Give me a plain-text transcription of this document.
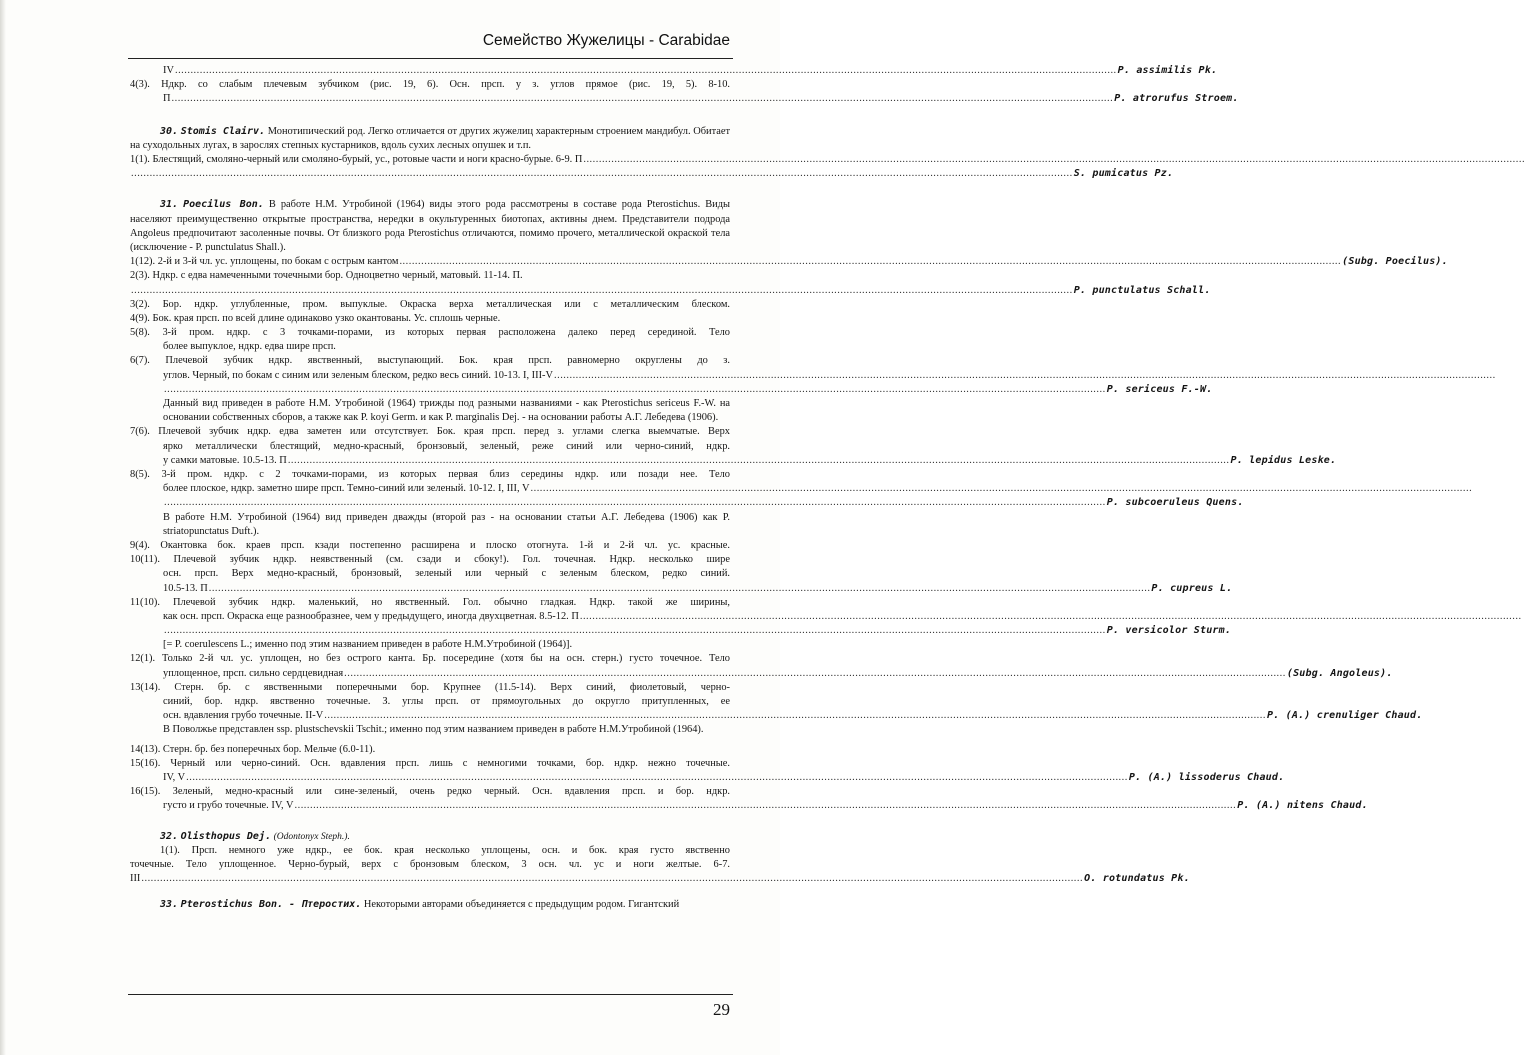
Семейство Жужелицы - Carabidae
IV .....	P. assimilis Pk.
4(3). Ндкр. со слабым плечевым зубчиком (рис. 19, 6). Осн. прсп. у з. углов прямое (рис. 19, 5). 8-10.
П .....	P. atrorufus Stroem.
30. Stomis Clairv. Монотипический род. Легко отличается от других жужелиц характерным строением мандибул. Обитает на суходольных лугах, в зарослях степных кустарников, вдоль сухих лесных опушек и т.п.
1(1). Блестящий, смоляно-черный или смоляно-бурый, ус., ротовые части и ноги красно-бурые. 6-9. П
.....
.....
S. pumicatus Pz.
31. Poecilus Bon. В работе Н.М. Утробиной (1964) виды этого рода рассмотрены в составе рода Pterostichus. Виды населяют преимущественно открытые пространства, нередки в окультуренных биотопах, активны днем. Представители подрода Angoleus предпочитают засоленные почвы. От близкого рода Pterostichus отличаются, помимо прочего, металлической окраской тела (исключение - P. punctulatus Shall.).
1(12). 2-й и 3-й чл. ус. уплощены, по бокам с острым кантом .....	(Subg. Poecilus).
2(3). Ндкр. с едва намеченными точечными бор. Одноцветно черный, матовый. 11-14. П.
.....
P. punctulatus Schall.
3(2). Бор. ндкр. углубленные, пром. выпуклые. Окраска верха металлическая или с металлическим блеском.
4(9). Бок. края прсп. по всей длине одинаково узко окантованы. Ус. сплошь черные.
5(8). 3-й пром. ндкр. с 3 точками-порами, из которых первая расположена далеко перед серединой. Тело
более выпуклое, ндкр. едва шире прсп.
6(7). Плечевой зубчик ндкр. явственный, выступающий. Бок. края прсп. равномерно округлены до з.
углов. Черный, по бокам с синим или зеленым блеском, редко весь синий. 10-13. I, III-V
.....
.....
P. sericeus F.-W.
Данный вид приведен в работе Н.М. Утробиной (1964) трижды под разными названиями - как Pterostichus sericeus F.-W. на основании собственных сборов, а также как P. koyi Germ. и как P. marginalis Dej. - на основании работы А.Г. Лебедева (1906).
7(6). Плечевой зубчик ндкр. едва заметен или отсутствует. Бок. края прсп. перед з. углами слегка выемчатые. Верх
ярко металлически блестящий, медно-красный, бронзовый, зеленый, реже синий или черно-синий, ндкр.
у самки матовые. 10.5-13. П .....	P. lepidus Leske.
8(5). 3-й пром. ндкр. с 2 точками-порами, из которых первая близ середины ндкр. или позади нее. Тело
более плоское, ндкр. заметно шире прсп. Темно-синий или зеленый. 10-12. I, III, V
.....
.....
P. subcoeruleus Quens.
В работе Н.М. Утробиной (1964) вид приведен дважды (второй раз - на основании статьи А.Г. Лебедева (1906) как P. striatopunctatus Duft.).
9(4). Окантовка бок. краев прсп. кзади постепенно расширена и плоско отогнута. 1-й и 2-й чл. ус. красные.
10(11). Плечевой зубчик ндкр. неявственный (см. сзади и сбоку!). Гол. точечная. Ндкр. несколько шире
осн. прсп. Верх медно-красный, бронзовый, зеленый или черный с зеленым блеском, редко синий.
10.5-13. П .....	P. cupreus L.
11(10). Плечевой зубчик ндкр. маленький, но явственный. Гол. обычно гладкая. Ндкр. такой же ширины,
как осн. прсп. Окраска еще разнообразнее, чем у предыдущего, иногда двухцветная. 8.5-12. П
.....
.....
P. versicolor Sturm.
[= P. coerulescens L.; именно под этим названием приведен в работе Н.М.Утробиной (1964)].
12(1). Только 2-й чл. ус. уплощен, но без острого канта. Бр. посередине (хотя бы на осн. стерн.) густо точечное. Тело
уплощенное, прсп. сильно сердцевидная .....	(Subg. Angoleus).
13(14). Стерн. бр. с явственными поперечными бор. Крупнее (11.5-14). Верх синий, фиолетовый, черно-
синий, бор. ндкр. явственно точечные. З. углы прсп. от прямоугольных до округло притупленных, ее
осн. вдавления грубо точечные. II-V .....	P. (A.) crenuliger Chaud.
В Поволжье представлен ssp. plustschevskii Tschit.; именно под этим названием приведен в работе Н.М.Утробиной (1964).
14(13). Стерн. бр. без поперечных бор. Мельче (6.0-11).
15(16). Черный или черно-синий. Осн. вдавления прсп. лишь с немногими точками, бор. ндкр. нежно точечные.
IV, V .....	P. (A.) lissoderus Chaud.
16(15). Зеленый, медно-красный или сине-зеленый, очень редко черный. Осн. вдавления прсп. и бор. ндкр.
густо и грубо точечные. IV, V .....	P. (A.) nitens Chaud.
32. Olisthopus Dej. (Odontonyx Steph.).
1(1). Прсп. немного уже ндкр., ее бок. края несколько уплощены, осн. и бок. края густо явственно
точечные. Тело уплощенное. Черно-бурый, верх с бронзовым блеском, 3 осн. чл. ус и ноги желтые. 6-7.
III .....	O. rotundatus Pk.
33. Pterostichus Bon. - Птеростих. Некоторыми авторами объединяется с предыдущим родом. Гигантский
29
